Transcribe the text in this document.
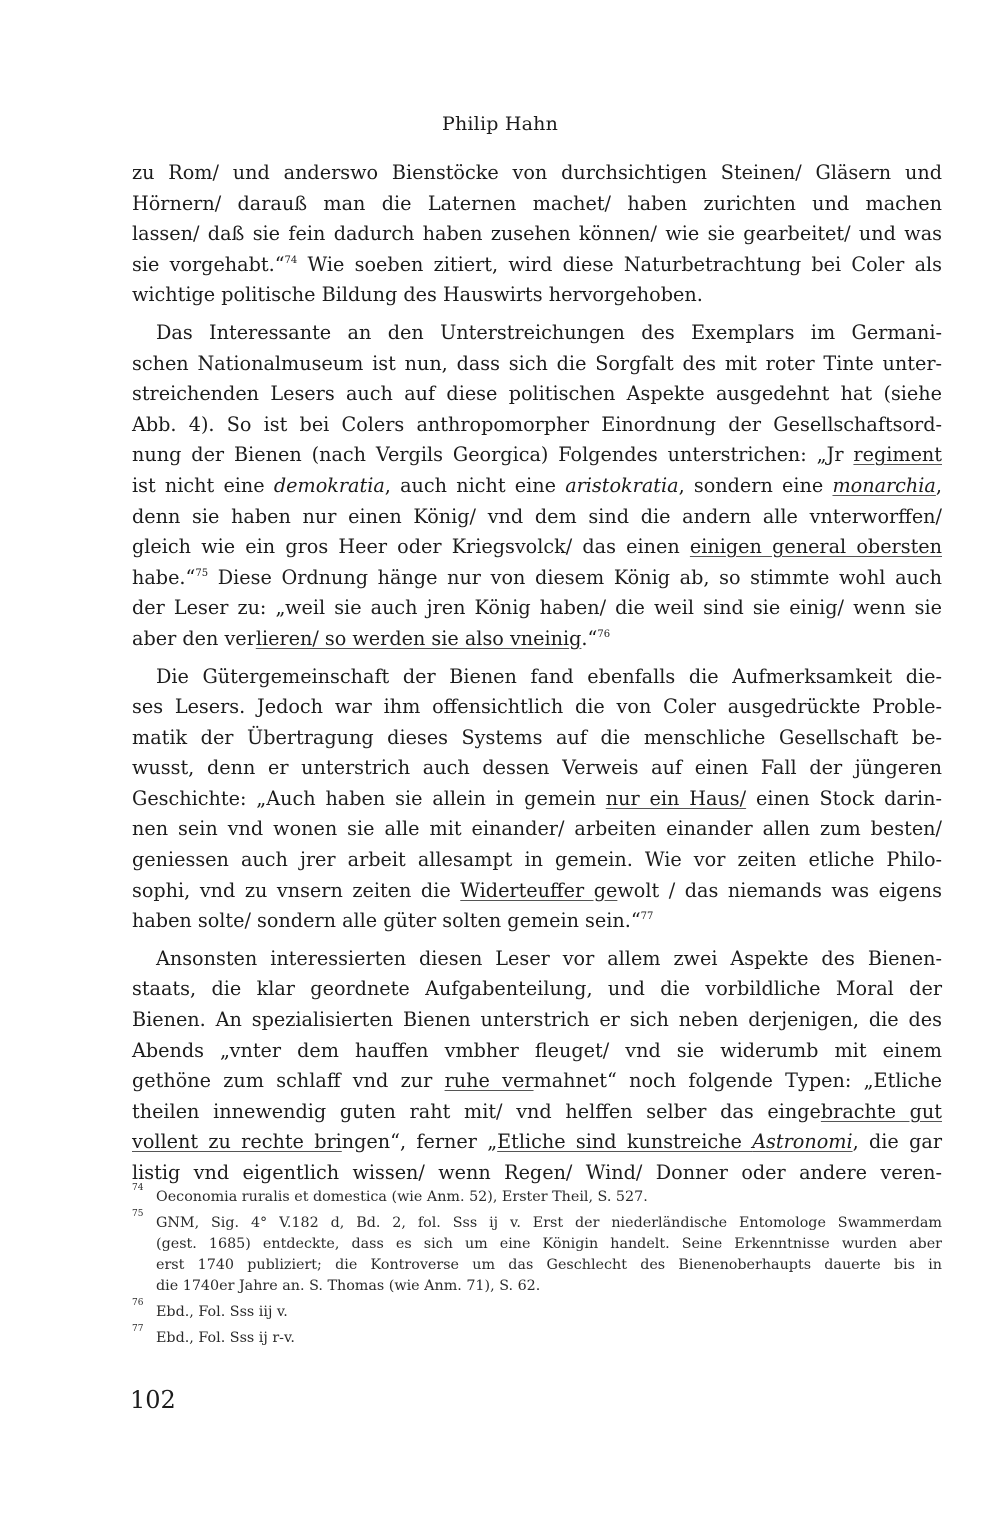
Philip Hahn

zu Rom/ und anderswo Bienstöcke von durchsichtigen Steinen/ Gläsern und
Hörnern/ darauß man die Laternen machet/ haben zurichten und machen
lassen/ daß sie fein dadurch haben zusehen können/ wie sie gearbeitet/ und was
sie vorgehabt.“$^{74}$ Wie soeben zitiert, wird diese Naturbetrachtung bei Coler als
wichtige politische Bildung des Hauswirts hervorgehoben.

Das Interessante an den Unterstreichungen des Exemplars im Germani-
schen Nationalmuseum ist nun, dass sich die Sorgfalt des mit roter Tinte unter-
streichenden Lesers auch auf diese politischen Aspekte ausgedehnt hat (siehe
Abb. 4). So ist bei Colers anthropomorpher Einordnung der Gesellschaftsord-
nung der Bienen (nach Vergils Georgica) Folgendes unterstrichen: „Jr regiment
ist nicht eine demokratia, auch nicht eine aristokratia, sondern eine monarchia,
denn sie haben nur einen König/ vnd dem sind die andern alle vnterworffen/
gleich wie ein gros Heer oder Kriegsvolck/ das einen einigen general obersten
habe.“$^{75}$ Diese Ordnung hänge nur von diesem König ab, so stimmte wohl auch
der Leser zu: „weil sie auch jren König haben/ die weil sind sie einig/ wenn sie
aber den verlieren/ so werden sie also vneinig.“$^{76}$

Die Gütergemeinschaft der Bienen fand ebenfalls die Aufmerksamkeit die-
ses Lesers. Jedoch war ihm offensichtlich die von Coler ausgedrückte Proble-
matik der Übertragung dieses Systems auf die menschliche Gesellschaft be-
wusst, denn er unterstrich auch dessen Verweis auf einen Fall der jüngeren
Geschichte: „Auch haben sie allein in gemein nur ein Haus/ einen Stock darin-
nen sein vnd wonen sie alle mit einander/ arbeiten einander allen zum besten/
geniessen auch jrer arbeit allesampt in gemein. Wie vor zeiten etliche Philo-
sophi, vnd zu vnsern zeiten die Widerteuffer gewolt / das niemands was eigens
haben solte/ sondern alle güter solten gemein sein.“$^{77}$

Ansonsten interessierten diesen Leser vor allem zwei Aspekte des Bienen-
staats, die klar geordnete Aufgabenteilung, und die vorbildliche Moral der
Bienen. An spezialisierten Bienen unterstrich er sich neben derjenigen, die des
Abends „vnter dem hauffen vmbher fleuget/ vnd sie widerumb mit einem
gethöne zum schlaff vnd zur ruhe vermahnet“ noch folgende Typen: „Etliche
theilen innewendig guten raht mit/ vnd helffen selber das eingebrachte gut
vollent zu rechte bringen“, ferner „Etliche sind kunstreiche Astronomi, die gar
listig vnd eigentlich wissen/ wenn Regen/ Wind/ Donner oder andere veren-

74
Oeconomia ruralis et domestica (wie Anm. 52), Erster Theil, S. 527.
75
GNM, Sig. 4° V.182 d, Bd. 2, fol. Sss ij v. Erst der niederländische Entomologe Swammerdam
(gest. 1685) entdeckte, dass es sich um eine Königin handelt. Seine Erkenntnisse wurden aber
erst 1740 publiziert; die Kontroverse um das Geschlecht des Bienenoberhaupts dauerte bis in
die 1740er Jahre an. S. Thomas (wie Anm. 71), S. 62.
76
Ebd., Fol. Sss iij v.
77
Ebd., Fol. Sss ij r-v.
102
